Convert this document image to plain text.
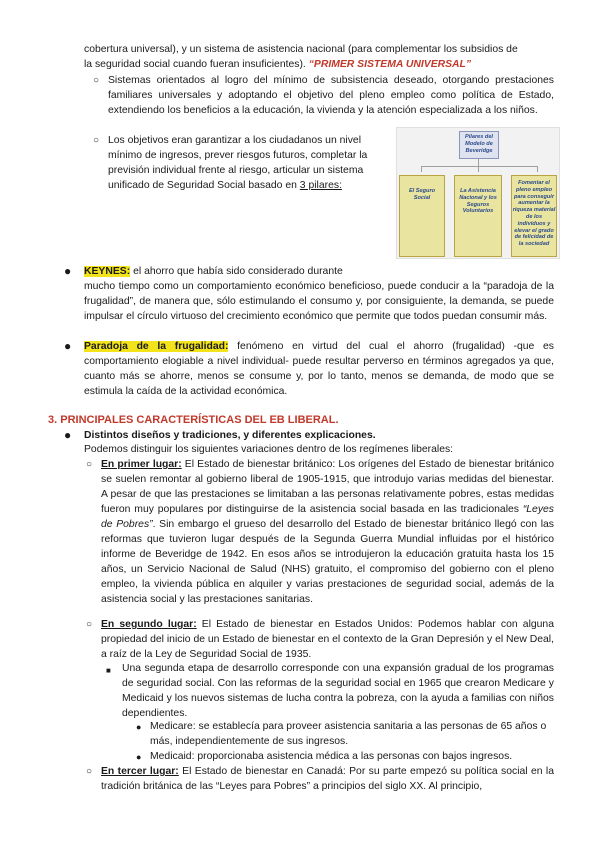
cobertura universal), y un sistema de asistencia nacional (para complementar los subsidios de
la seguridad social cuando fueran insuficientes). “PRIMER SISTEMA UNIVERSAL”
○ Sistemas orientados al logro del mínimo de subsistencia deseado, otorgando prestaciones familiares universales y adoptando el objetivo del pleno empleo como política de Estado, extendiendo los beneficios a la educación, la vivienda y la atención especializada a los niños.
○ Los objetivos eran garantizar a los ciudadanos un nivel mínimo de ingresos, prever riesgos futuros, completar la previsión individual frente al riesgo, articular un sistema unificado de Seguridad Social basado en 3 pilares:
Pilares del Modelo de Beveridge
El Seguro Social
La Asistencia Nacional y los Seguros Voluntarios
Fomentar el pleno empleo para conseguir aumentar la riqueza material de los individuos y elevar el grado de felicidad de la sociedad
● KEYNES: el ahorro que había sido considerado durante
mucho tiempo como un comportamiento económico beneficioso, puede conducir a la “paradoja de la frugalidad”, de manera que, sólo estimulando el consumo y, por consiguiente, la demanda, se puede impulsar el círculo virtuoso del crecimiento económico que permite que todos puedan consumir más.
● Paradoja de la frugalidad: fenómeno en virtud del cual el ahorro (frugalidad) -que es comportamiento elogiable a nivel individual- puede resultar perverso en términos agregados ya que, cuanto más se ahorre, menos se consume y, por lo tanto, menos se demanda, de modo que se estimula la caída de la actividad económica.
3. PRINCIPALES CARACTERÍSTICAS DEL EB LIBERAL.
● Distintos diseños y tradiciones, y diferentes explicaciones.
Podemos distinguir los siguientes variaciones dentro de los regímenes liberales:
○ En primer lugar: El Estado de bienestar británico: Los orígenes del Estado de bienestar británico se suelen remontar al gobierno liberal de 1905-1915, que introdujo varias medidas del bienestar. A pesar de que las prestaciones se limitaban a las personas relativamente pobres, estas medidas fueron muy populares por distinguirse de la asistencia social basada en las tradicionales “Leyes de Pobres”. Sin embargo el grueso del desarrollo del Estado de bienestar británico llegó con las reformas que tuvieron lugar después de la Segunda Guerra Mundial influidas por el histórico informe de Beveridge de 1942. En esos años se introdujeron la educación gratuita hasta los 15 años, un Servicio Nacional de Salud (NHS) gratuito, el compromiso del gobierno con el pleno empleo, la vivienda pública en alquiler y varias prestaciones de seguridad social, además de la asistencia social y las prestaciones sanitarias.
○ En segundo lugar: El Estado de bienestar en Estados Unidos: Podemos hablar con alguna propiedad del inicio de un Estado de bienestar en el contexto de la Gran Depresión y el New Deal, a raíz de la Ley de Seguridad Social de 1935.
■ Una segunda etapa de desarrollo corresponde con una expansión gradual de los programas de seguridad social. Con las reformas de la seguridad social en 1965 que crearon Medicare y Medicaid y los nuevos sistemas de lucha contra la pobreza, con la ayuda a familias con niños dependientes.
● Medicare: se establecía para proveer asistencia sanitaria a las personas de 65 años o más, independientemente de sus ingresos.
● Medicaid: proporcionaba asistencia médica a las personas con bajos ingresos.
○ En tercer lugar: El Estado de bienestar en Canadá: Por su parte empezó su política social en la tradición británica de las “Leyes para Pobres” a principios del siglo XX. Al principio,
